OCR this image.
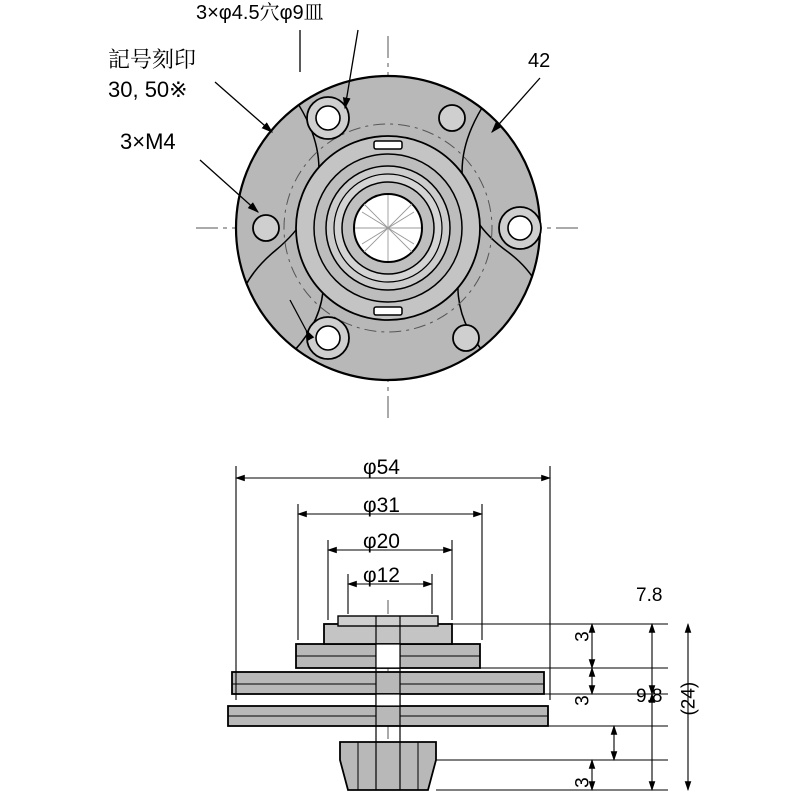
3×φ4.5穴φ9皿
記号刻印
30, 50※
3×M4
42
φ54
φ31
φ20
φ12
7.8
3
9.8
3	(24)
3
